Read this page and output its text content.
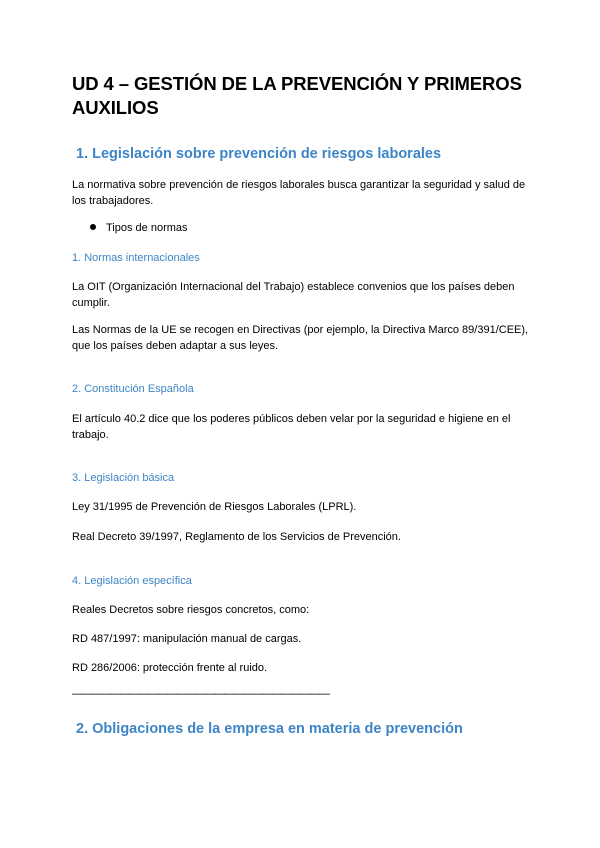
UD 4 – GESTIÓN DE LA PREVENCIÓN Y PRIMEROS AUXILIOS
1. Legislación sobre prevención de riesgos laborales
La normativa sobre prevención de riesgos laborales busca garantizar la seguridad y salud de los trabajadores.
Tipos de normas
1. Normas internacionales
La OIT (Organización Internacional del Trabajo) establece convenios que los países deben cumplir.
Las Normas de la UE se recogen en Directivas (por ejemplo, la Directiva Marco 89/391/CEE), que los países deben adaptar a sus leyes.
2. Constitución Española
El artículo 40.2 dice que los poderes públicos deben velar por la seguridad e higiene en el trabajo.
3. Legislación básica
Ley 31/1995 de Prevención de Riesgos Laborales (LPRL).
Real Decreto 39/1997, Reglamento de los Servicios de Prevención.
4. Legislación específica
Reales Decretos sobre riesgos concretos, como:
RD 487/1997: manipulación manual de cargas.
RD 286/2006: protección frente al ruido.
———————————————————————————
2. Obligaciones de la empresa en materia de prevención
